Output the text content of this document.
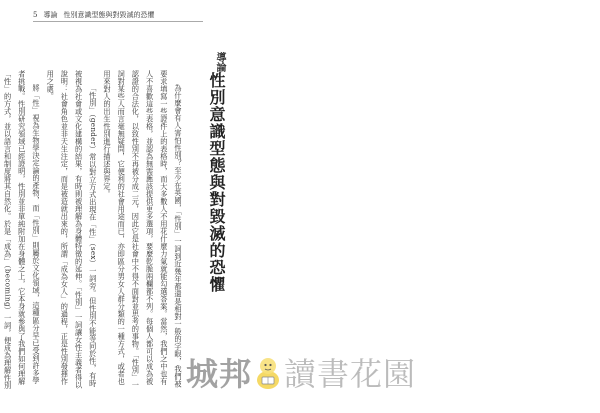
5 導論 性別意識型態與對毀滅的恐懼
導論
性別意識型態與對毀滅的恐懼

為什麼會有人害怕性別？至少在英國，「性別」一詞到近幾年都還是相對一般的字眼，我們被要求填寫一些證件上的表格時，而大多數人不用花什麼力氣就能勾選答案。當然，我們之中也有人不喜歡這些表格，並認為無需應該提供更多選項，要麼乾脆兩欄都不列。每個人都可以成為被認證的合法化，以致性別不再被分成二元，因此它是社會中不得不面對並思考的事物。「性別」一詞對某些人而言毫無疑問，它便利的社會用途而已，亦即區分男女人群分類的一種方式，或者也用來對人的出生性別進行描述與界定。

「性別」（gender）常以對立方式出現在「性」（sex）一詞旁。但性別不能等同於性，有時被視為社會或文化建構的結果，有時則被理解為身體特徵的延伸。「性別」一詞讓女性主義者得以說明：社會角色並非天生注定，而是被造就出來的，所謂「成為女人」的過程，正是性別發揮作用之處。

將「性」視為生物學決定論的產物，而「性別」則屬於文化領域，這種區分早已受到許多學者挑戰。性別研究領域已經證明，性別並非單純附加在身體之上，它本身就參與了我們如何理解「性」的方式，並以語言和制度將其自然化。於是「成為」（becoming）一詞，便成為理解性別	城邦 讀書花園
